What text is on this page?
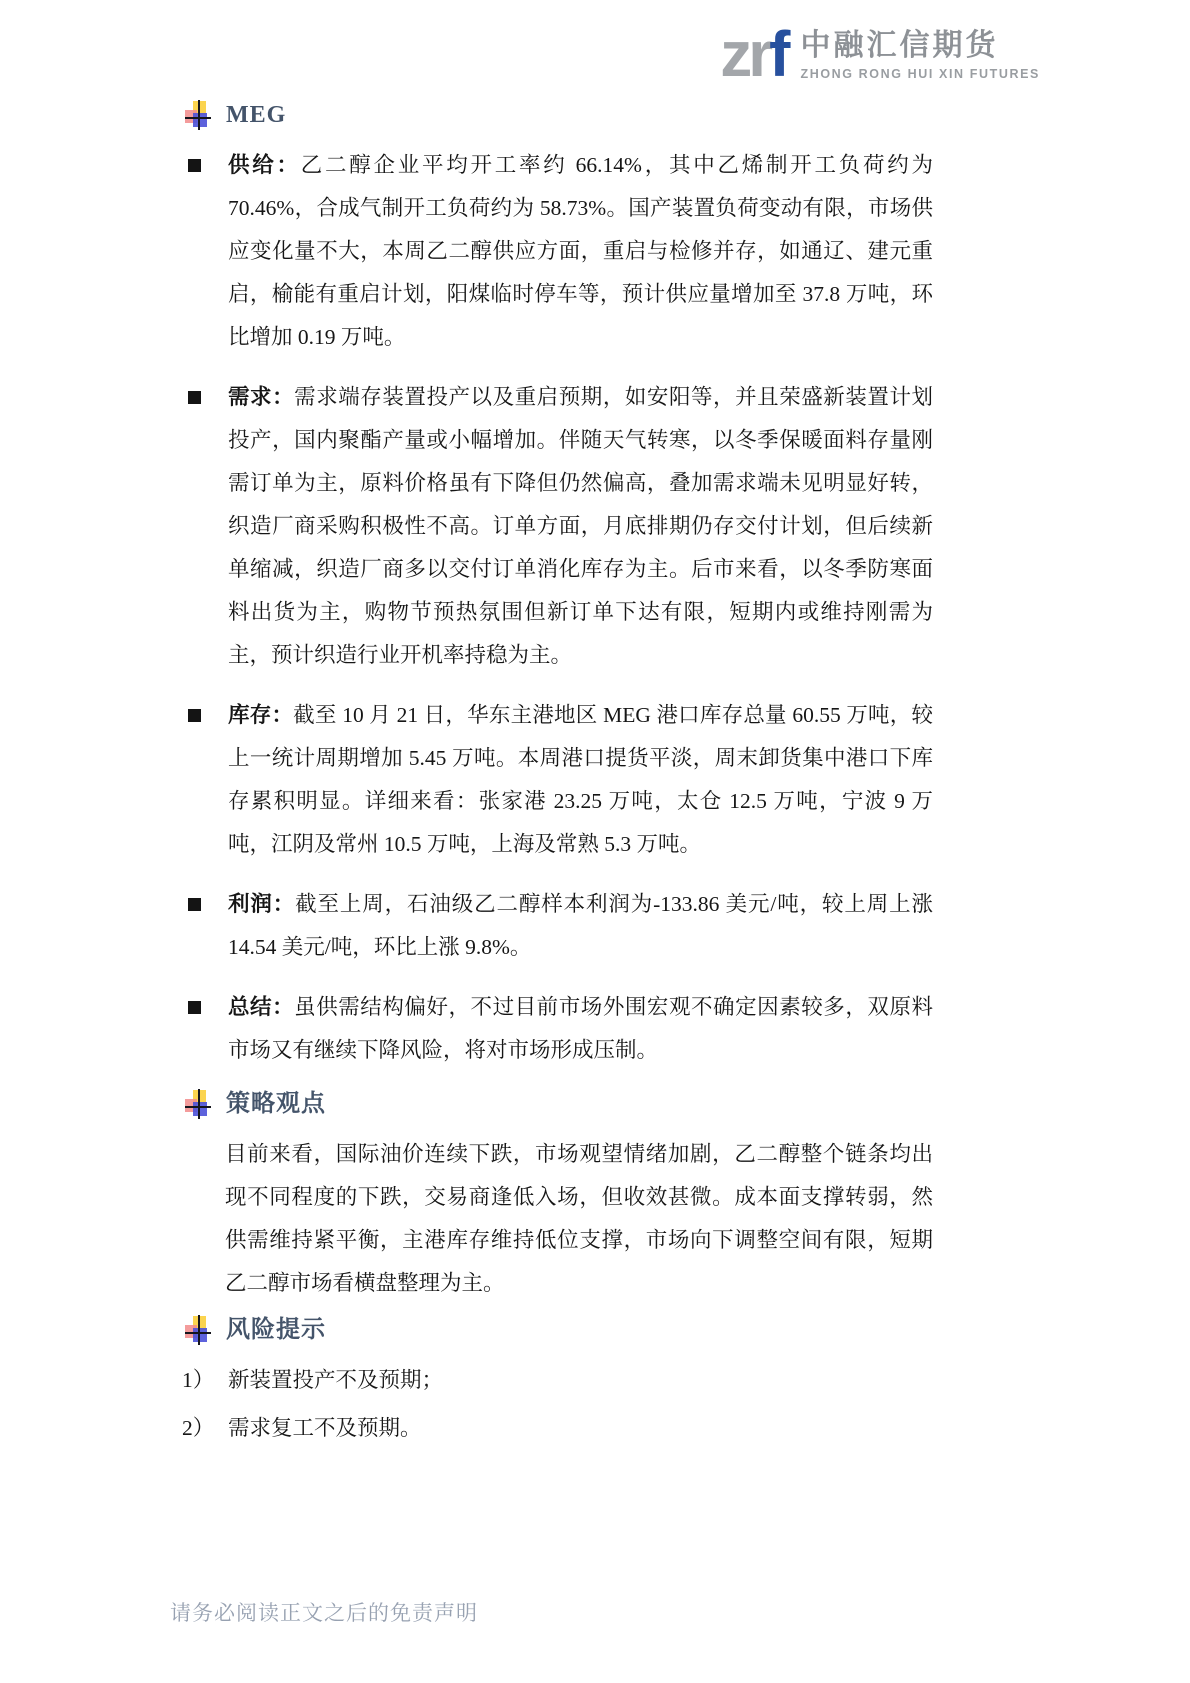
zrf 中融汇信期货
ZHONG RONG HUI XIN FUTURES
MEG
供给：乙二醇企业平均开工率约 66.14%，其中乙烯制开工负荷约为 70.46%，合成气制开工负荷约为 58.73%。国产装置负荷变动有限，市场供应变化量不大，本周乙二醇供应方面，重启与检修并存，如通辽、建元重启，榆能有重启计划，阳煤临时停车等，预计供应量增加至 37.8 万吨，环比增加 0.19 万吨。
需求：需求端存装置投产以及重启预期，如安阳等，并且荣盛新装置计划投产，国内聚酯产量或小幅增加。伴随天气转寒，以冬季保暖面料存量刚需订单为主，原料价格虽有下降但仍然偏高，叠加需求端未见明显好转，织造厂商采购积极性不高。订单方面，月底排期仍存交付计划，但后续新单缩减，织造厂商多以交付订单消化库存为主。后市来看，以冬季防寒面料出货为主，购物节预热氛围但新订单下达有限，短期内或维持刚需为主，预计织造行业开机率持稳为主。
库存：截至 10 月 21 日，华东主港地区 MEG 港口库存总量 60.55 万吨，较上一统计周期增加 5.45 万吨。本周港口提货平淡，周末卸货集中港口下库存累积明显。详细来看：张家港 23.25 万吨，太仓 12.5 万吨，宁波 9 万吨，江阴及常州 10.5 万吨，上海及常熟 5.3 万吨。
利润：截至上周，石油级乙二醇样本利润为-133.86 美元/吨，较上周上涨 14.54 美元/吨，环比上涨 9.8%。
总结：虽供需结构偏好，不过目前市场外围宏观不确定因素较多，双原料市场又有继续下降风险，将对市场形成压制。
策略观点
目前来看，国际油价连续下跌，市场观望情绪加剧，乙二醇整个链条均出现不同程度的下跌，交易商逢低入场，但收效甚微。成本面支撑转弱，然供需维持紧平衡，主港库存维持低位支撑，市场向下调整空间有限，短期乙二醇市场看横盘整理为主。
风险提示
1） 新装置投产不及预期；
2） 需求复工不及预期。
请务必阅读正文之后的免责声明
